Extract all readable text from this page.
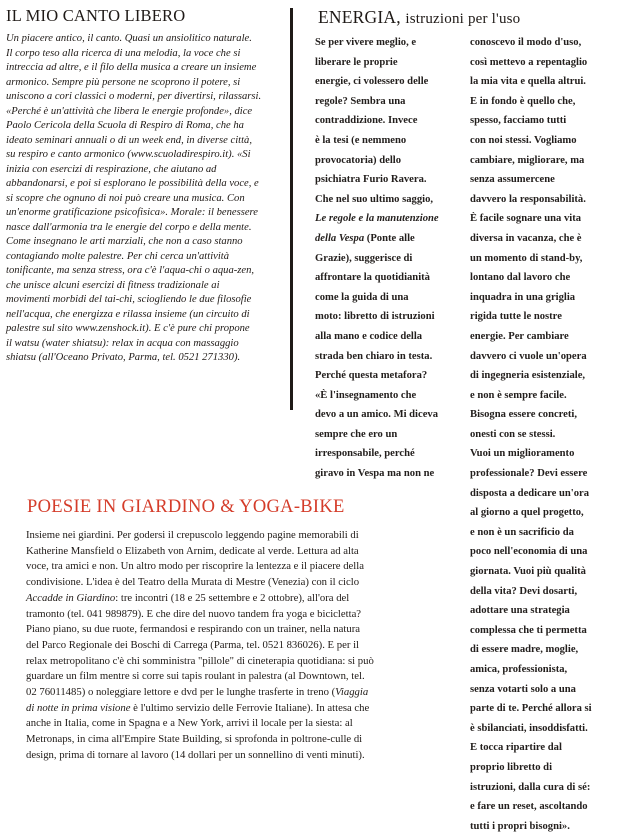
IL MIO CANTO LIBERO
Un piacere antico, il canto. Quasi un ansiolitico naturale.
Il corpo teso alla ricerca di una melodia, la voce che si
intreccia ad altre, e il filo della musica a creare un insieme
armonico. Sempre più persone ne scoprono il potere, si
uniscono a cori classici o moderni, per divertirsi, rilassarsi.
«Perché è un'attività che libera le energie profonde», dice
Paolo Cericola della Scuola di Respiro di Roma, che ha
ideato seminari annuali o di un week end, in diverse città,
su respiro e canto armonico (www.scuoladirespiro.it). «Si
inizia con esercizi di respirazione, che aiutano ad
abbandonarsi, e poi si esplorano le possibilità della voce, e
si scopre che ognuno di noi può creare una musica. Con
un'enorme gratificazione psicofisica». Morale: il benessere
nasce dall'armonia tra le energie del corpo e della mente.
Come insegnano le arti marziali, che non a caso stanno
contagiando molte palestre. Per chi cerca un'attività
tonificante, ma senza stress, ora c'è l'aqua-chi o aqua-zen,
che unisce alcuni esercizi di fitness tradizionale ai
movimenti morbidi del tai-chi, sciogliendo le due filosofie
nell'acqua, che energizza e rilassa insieme (un circuito di
palestre sul sito www.zenshock.it). E c'è pure chi propone
il watsu (water shiatsu): relax in acqua con massaggio
shiatsu (all'Oceano Privato, Parma, tel. 0521 271330).
ENERGIA, istruzioni per l'uso
Se per vivere meglio, e
liberare le proprie
energie, ci volessero delle
regole? Sembra una
contraddizione. Invece
è la tesi (e nemmeno
provocatoria) dello
psichiatra Furio Ravera.
Che nel suo ultimo saggio,
Le regole e la manutenzione
della Vespa (Ponte alle
Grazie), suggerisce di
affrontare la quotidianità
come la guida di una
moto: libretto di istruzioni
alla mano e codice della
strada ben chiaro in testa.
Perché questa metafora?
«È l'insegnamento che
devo a un amico. Mi diceva
sempre che ero un
irresponsabile, perché
giravo in Vespa ma non ne
conoscevo il modo d'uso,
così mettevo a repentaglio
la mia vita e quella altrui.
E in fondo è quello che,
spesso, facciamo tutti
con noi stessi. Vogliamo
cambiare, migliorare, ma
senza assumercene
davvero la responsabilità.
È facile sognare una vita
diversa in vacanza, che è
un momento di stand-by,
lontano dal lavoro che
inquadra in una griglia
rigida tutte le nostre
energie. Per cambiare
davvero ci vuole un'opera
di ingegneria esistenziale,
e non è sempre facile.
Bisogna essere concreti,
onesti con se stessi.
Vuoi un miglioramento
professionale? Devi essere
disposta a dedicare un'ora
al giorno a quel progetto,
e non è un sacrificio da
poco nell'economia di una
giornata. Vuoi più qualità
della vita? Devi dosarti,
adottare una strategia
complessa che ti permetta
di essere madre, moglie,
amica, professionista,
senza votarti solo a una
parte di te. Perché allora si
è sbilanciati, insoddisfatti.
E tocca ripartire dal
proprio libretto di
istruzioni, dalla cura di sé:
e fare un reset, ascoltando
tutti i propri bisogni».
POESIE IN GIARDINO & YOGA-BIKE
Insieme nei giardini. Per godersi il crepuscolo leggendo pagine memorabili di
Katherine Mansfield o Elizabeth von Arnim, dedicate al verde. Lettura ad alta
voce, tra amici e non. Un altro modo per riscoprire la lentezza e il piacere della
condivisione. L'idea è del Teatro della Murata di Mestre (Venezia) con il ciclo
Accadde in Giardino: tre incontri (18 e 25 settembre e 2 ottobre), all'ora del
tramonto (tel. 041 989879). E che dire del nuovo tandem fra yoga e bicicletta?
Piano piano, su due ruote, fermandosi e respirando con un trainer, nella natura
del Parco Regionale dei Boschi di Carrega (Parma, tel. 0521 836026). E per il
relax metropolitano c'è chi somministra "pillole" di cineterapia quotidiana: si può
guardare un film mentre si corre sui tapis roulant in palestra (al Downtown, tel.
02 76011485) o noleggiare lettore e dvd per le lunghe trasferte in treno (Viaggia
di notte in prima visione è l'ultimo servizio delle Ferrovie Italiane). In attesa che
anche in Italia, come in Spagna e a New York, arrivi il locale per la siesta: al
Metronaps, in cima all'Empire State Building, si sprofonda in poltrone-culle di
design, prima di tornare al lavoro (14 dollari per un sonnellino di venti minuti).
